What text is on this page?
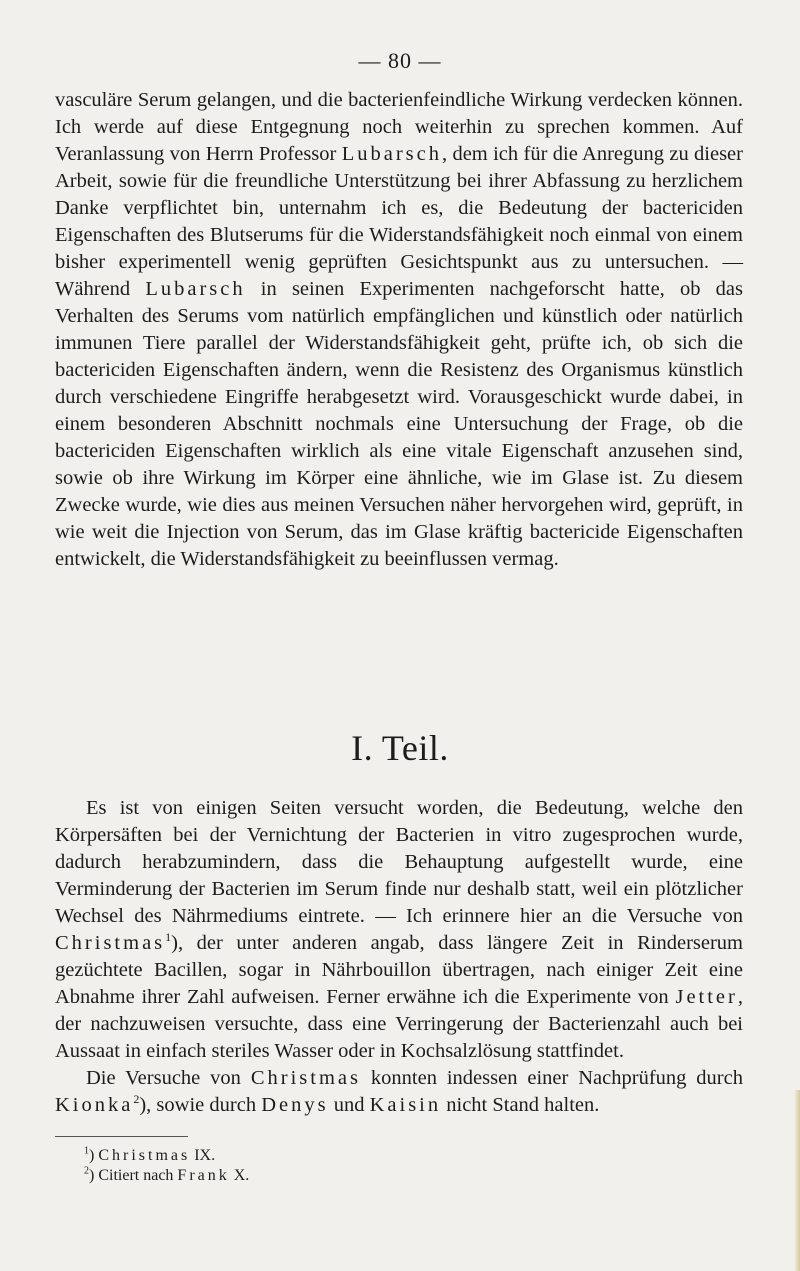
— 80 —

vasculäre Serum gelangen, und die bacterienfeindliche Wirkung verdecken können. Ich werde auf diese Entgegnung noch weiterhin zu sprechen kommen. Auf Veranlassung von Herrn Professor Lubarsch, dem ich für die Anregung zu dieser Arbeit, sowie für die freundliche Unterstützung bei ihrer Abfassung zu herzlichem Danke verpflichtet bin, unternahm ich es, die Bedeutung der bactericiden Eigenschaften des Blutserums für die Widerstandsfähigkeit noch einmal von einem bisher experimentell wenig geprüften Gesichtspunkt aus zu untersuchen. — Während Lubarsch in seinen Experimenten nachgeforscht hatte, ob das Verhalten des Serums vom natürlich empfänglichen und künstlich oder natürlich immunen Tiere parallel der Widerstandsfähigkeit geht, prüfte ich, ob sich die bactericiden Eigenschaften ändern, wenn die Resistenz des Organismus künstlich durch verschiedene Eingriffe herabgesetzt wird. Vorausgeschickt wurde dabei, in einem besonderen Abschnitt nochmals eine Untersuchung der Frage, ob die bactericiden Eigenschaften wirklich als eine vitale Eigenschaft anzusehen sind, sowie ob ihre Wirkung im Körper eine ähnliche, wie im Glase ist. Zu diesem Zwecke wurde, wie dies aus meinen Versuchen näher hervorgehen wird, geprüft, in wie weit die Injection von Serum, das im Glase kräftig bactericide Eigenschaften entwickelt, die Widerstandsfähigkeit zu beeinflussen vermag.

I. Teil.

Es ist von einigen Seiten versucht worden, die Bedeutung, welche den Körpersäften bei der Vernichtung der Bacterien in vitro zugesprochen wurde, dadurch herabzumindern, dass die Behauptung aufgestellt wurde, eine Verminderung der Bacterien im Serum finde nur deshalb statt, weil ein plötzlicher Wechsel des Nährmediums eintrete. — Ich erinnere hier an die Versuche von Christmas$^1$), der unter anderen angab, dass längere Zeit in Rinderserum gezüchtete Bacillen, sogar in Nährbouillon übertragen, nach einiger Zeit eine Abnahme ihrer Zahl aufweisen. Ferner erwähne ich die Experimente von Jetter, der nachzuweisen versuchte, dass eine Verringerung der Bacterienzahl auch bei Aussaat in einfach steriles Wasser oder in Kochsalzlösung stattfindet.

Die Versuche von Christmas konnten indessen einer Nachprüfung durch Kionka$^2$), sowie durch Denys und Kaisin nicht Stand halten.

$^1$) Christmas IX.

$^2$) Citiert nach Frank X.
